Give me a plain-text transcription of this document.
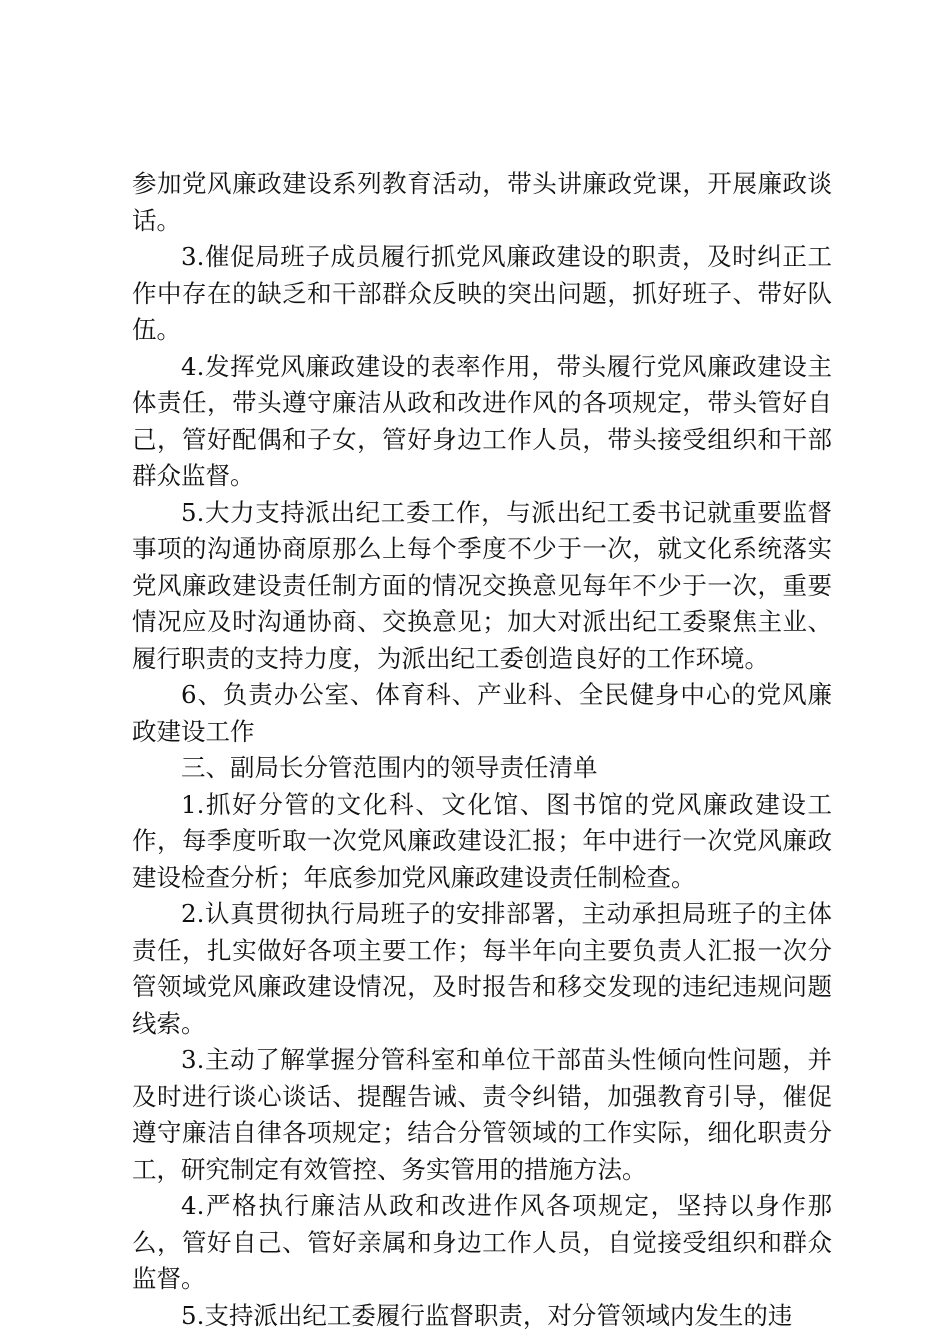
参加党风廉政建设系列教育活动，带头讲廉政党课，开展廉政谈话。

3.催促局班子成员履行抓党风廉政建设的职责，及时纠正工作中存在的缺乏和干部群众反映的突出问题，抓好班子、带好队伍。

4.发挥党风廉政建设的表率作用，带头履行党风廉政建设主体责任，带头遵守廉洁从政和改进作风的各项规定，带头管好自己，管好配偶和子女，管好身边工作人员，带头接受组织和干部群众监督。

5.大力支持派出纪工委工作，与派出纪工委书记就重要监督事项的沟通协商原那么上每个季度不少于一次，就文化系统落实党风廉政建设责任制方面的情况交换意见每年不少于一次，重要情况应及时沟通协商、交换意见；加大对派出纪工委聚焦主业、履行职责的支持力度，为派出纪工委创造良好的工作环境。

6、负责办公室、体育科、产业科、全民健身中心的党风廉政建设工作

三、副局长分管范围内的领导责任清单

1.抓好分管的文化科、文化馆、图书馆的党风廉政建设工作，每季度听取一次党风廉政建设汇报；年中进行一次党风廉政建设检查分析；年底参加党风廉政建设责任制检查。

2.认真贯彻执行局班子的安排部署，主动承担局班子的主体责任，扎实做好各项主要工作；每半年向主要负责人汇报一次分管领域党风廉政建设情况，及时报告和移交发现的违纪违规问题线索。

3.主动了解掌握分管科室和单位干部苗头性倾向性问题，并及时进行谈心谈话、提醒告诫、责令纠错，加强教育引导，催促遵守廉洁自律各项规定；结合分管领域的工作实际，细化职责分工，研究制定有效管控、务实管用的措施方法。

4.严格执行廉洁从政和改进作风各项规定，坚持以身作那么，管好自己、管好亲属和身边工作人员，自觉接受组织和群众监督。

5.支持派出纪工委履行监督职责，对分管领域内发生的违
